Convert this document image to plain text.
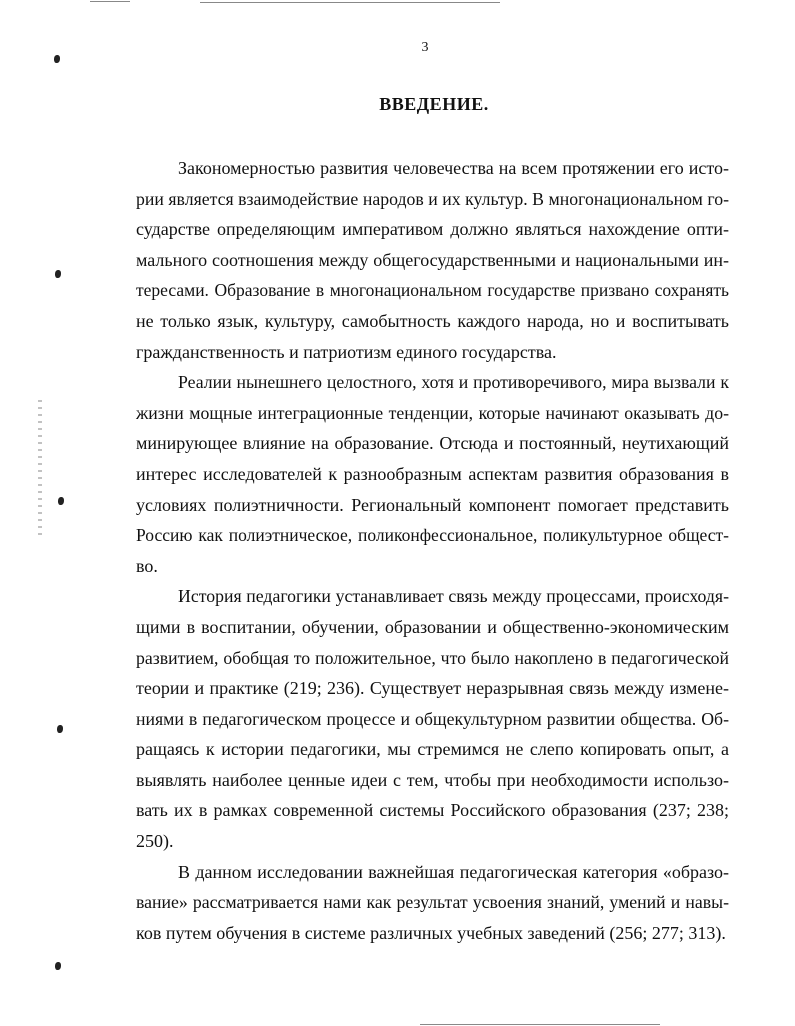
3
ВВЕДЕНИЕ.

Закономерностью развития человечества на всем протяжении его исто-
рии является взаимодействие народов и их культур. В многонациональном го-
сударстве определяющим императивом должно являться нахождение опти-
мального соотношения между общегосударственными и национальными ин-
тересами. Образование в многонациональном государстве призвано сохранять
не только язык, культуру, самобытность каждого народа, но и воспитывать
гражданственность и патриотизм единого государства.

Реалии нынешнего целостного, хотя и противоречивого, мира вызвали к
жизни мощные интеграционные тенденции, которые начинают оказывать до-
минирующее влияние на образование. Отсюда и постоянный, неутихающий
интерес исследователей к разнообразным аспектам развития образования в
условиях полиэтничности. Региональный компонент помогает представить
Россию как полиэтническое, поликонфессиональное, поликультурное общест-
во.

История педагогики устанавливает связь между процессами, происходя-
щими в воспитании, обучении, образовании и общественно-экономическим
развитием, обобщая то положительное, что было накоплено в педагогической
теории и практике (219; 236). Существует неразрывная связь между измене-
ниями в педагогическом процессе и общекультурном развитии общества. Об-
ращаясь к истории педагогики, мы стремимся не слепо копировать опыт, а
выявлять наиболее ценные идеи с тем, чтобы при необходимости использо-
вать их в рамках современной системы Российского образования (237; 238;
250).

В данном исследовании важнейшая педагогическая категория «образо-
вание» рассматривается нами как результат усвоения знаний, умений и навы-
ков путем обучения в системе различных учебных заведений (256; 277; 313).
